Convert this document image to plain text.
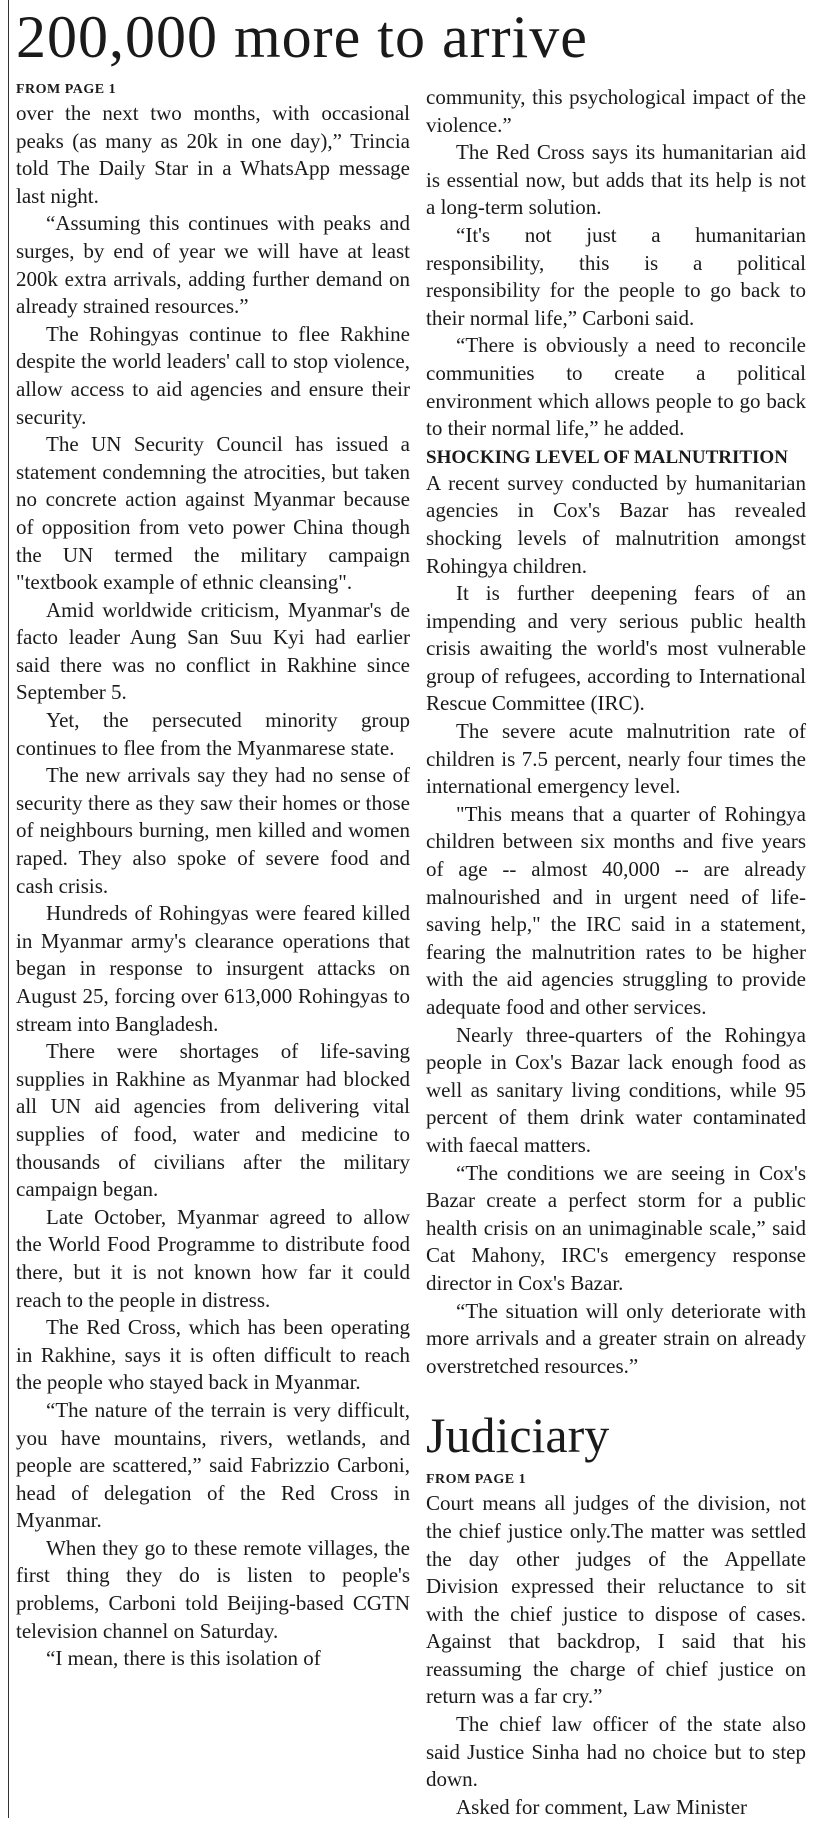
200,000 more to arrive
FROM PAGE 1

over the next two months, with occasional peaks (as many as 20k in one day),” Trincia told The Daily Star in a WhatsApp message last night.

“Assuming this continues with peaks and surges, by end of year we will have at least 200k extra arrivals, adding further demand on already strained resources.”

The Rohingyas continue to flee Rakhine despite the world leaders' call to stop violence, allow access to aid agencies and ensure their security.

The UN Security Council has issued a statement condemning the atrocities, but taken no concrete action against Myanmar because of opposition from veto power China though the UN termed the military campaign "textbook example of ethnic cleansing".

Amid worldwide criticism, Myanmar's de facto leader Aung San Suu Kyi had earlier said there was no conflict in Rakhine since September 5.

Yet, the persecuted minority group continues to flee from the Myanmarese state.

The new arrivals say they had no sense of security there as they saw their homes or those of neighbours burning, men killed and women raped. They also spoke of severe food and cash crisis.

Hundreds of Rohingyas were feared killed in Myanmar army's clearance operations that began in response to insurgent attacks on August 25, forcing over 613,000 Rohingyas to stream into Bangladesh.

There were shortages of life-saving supplies in Rakhine as Myanmar had blocked all UN aid agencies from delivering vital supplies of food, water and medicine to thousands of civilians after the military campaign began.

Late October, Myanmar agreed to allow the World Food Programme to distribute food there, but it is not known how far it could reach to the people in distress.

The Red Cross, which has been operating in Rakhine, says it is often difficult to reach the people who stayed back in Myanmar.

“The nature of the terrain is very difficult, you have mountains, rivers, wetlands, and people are scattered,” said Fabrizzio Carboni, head of delegation of the Red Cross in Myanmar.

When they go to these remote villages, the first thing they do is listen to people's problems, Carboni told Beijing-based CGTN television channel on Saturday.

“I mean, there is this isolation of

community, this psychological impact of the violence.”

The Red Cross says its humanitarian aid is essential now, but adds that its help is not a long-term solution.

“It's not just a humanitarian responsibility, this is a political responsibility for the people to go back to their normal life,” Carboni said.

“There is obviously a need to reconcile communities to create a political environment which allows people to go back to their normal life,” he added.

SHOCKING LEVEL OF MALNUTRITION

A recent survey conducted by humanitarian agencies in Cox's Bazar has revealed shocking levels of malnutrition amongst Rohingya children.

It is further deepening fears of an impending and very serious public health crisis awaiting the world's most vulnerable group of refugees, according to International Rescue Committee (IRC).

The severe acute malnutrition rate of children is 7.5 percent, nearly four times the international emergency level.

"This means that a quarter of Rohingya children between six months and five years of age -- almost 40,000 -- are already malnourished and in urgent need of life-saving help," the IRC said in a statement, fearing the malnutrition rates to be higher with the aid agencies struggling to provide adequate food and other services.

Nearly three-quarters of the Rohingya people in Cox's Bazar lack enough food as well as sanitary living conditions, while 95 percent of them drink water contaminated with faecal matters.

“The conditions we are seeing in Cox's Bazar create a perfect storm for a public health crisis on an unimaginable scale,” said Cat Mahony, IRC's emergency response director in Cox's Bazar.

“The situation will only deteriorate with more arrivals and a greater strain on already overstretched resources.”

Judiciary
FROM PAGE 1

Court means all judges of the division, not the chief justice only.The matter was settled the day other judges of the Appellate Division expressed their reluctance to sit with the chief justice to dispose of cases. Against that backdrop, I said that his reassuming the charge of chief justice on return was a far cry.”

The chief law officer of the state also said Justice Sinha had no choice but to step down.

Asked for comment, Law Minister
